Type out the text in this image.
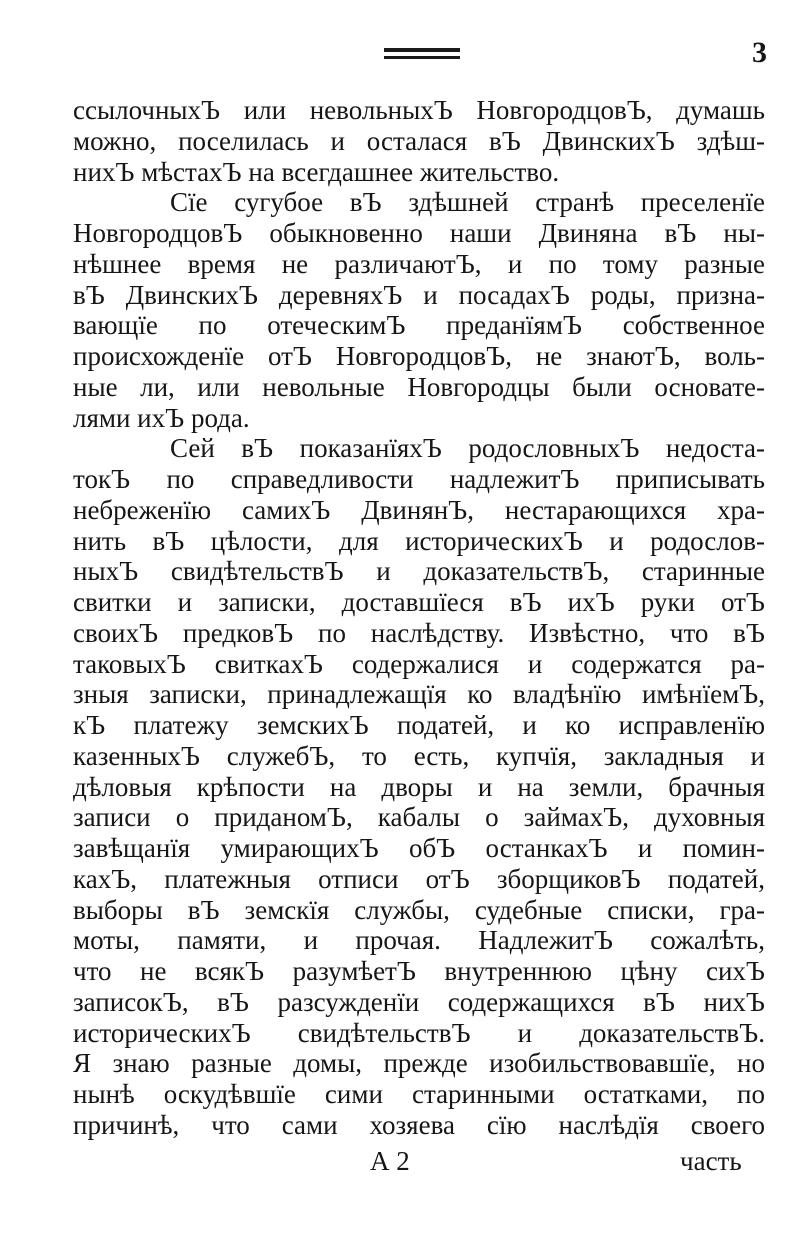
3
ссылочныхЪ или невольныхЪ НовгородцовЪ, думашь
можно, поселилась и осталася вЪ ДвинскихЪ здѣш-
нихЪ мѣстахЪ на всегдашнее жительство.
Сїе сугубое вЪ здѣшней странѣ преселенїе
НовгородцовЪ обыкновенно наши Двиняна вЪ ны-
нѣшнее время не различаютЪ, и по тому разные
вЪ ДвинскихЪ деревняхЪ и посадахЪ роды, призна-
вающїе по отеческимЪ преданїямЪ собственное
происхожденїе отЪ НовгородцовЪ, не знаютЪ, воль-
ные ли, или невольные Новгородцы были основате-
лями ихЪ рода.
Сей вЪ показанїяхЪ родословныхЪ недоста-
токЪ по справедливости надлежитЪ приписывать
небреженїю самихЪ ДвинянЪ, нестарающихся хра-
нить вЪ цѣлости, для историческихЪ и родослов-
ныхЪ свидѣтельствЪ и доказательствЪ, старинные
свитки и записки, доставшїеся вЪ ихЪ руки отЪ
своихЪ предковЪ по наслѣдству. Извѣстно, что вЪ
таковыхЪ свиткахЪ содержалися и содержатся ра-
зныя записки, принадлежащїя ко владѣнїю имѣнїемЪ,
кЪ платежу земскихЪ податей, и ко исправленїю
казенныхЪ служебЪ, то есть, купчїя, закладныя и
дѣловыя крѣпости на дворы и на земли, брачныя
записи о приданомЪ, кабалы о займахЪ, духовныя
завѣщанїя умирающихЪ обЪ останкахЪ и помин-
кахЪ, платежныя отписи отЪ зборщиковЪ податей,
выборы вЪ земскїя службы, судебные списки, гра-
моты, памяти, и прочая. НадлежитЪ сожалѣть,
что не всякЪ разумѣетЪ внутреннюю цѣну сихЪ
записокЪ, вЪ разсужденїи содержащихся вЪ нихЪ
историческихЪ свидѣтельствЪ и доказательствЪ.
Я знаю разные домы, прежде изобильствовавшїе, но
нынѣ оскудѣвшїе сими старинными остатками, по
причинѣ, что сами хозяева сїю наслѣдїя своего
А 2	часть
